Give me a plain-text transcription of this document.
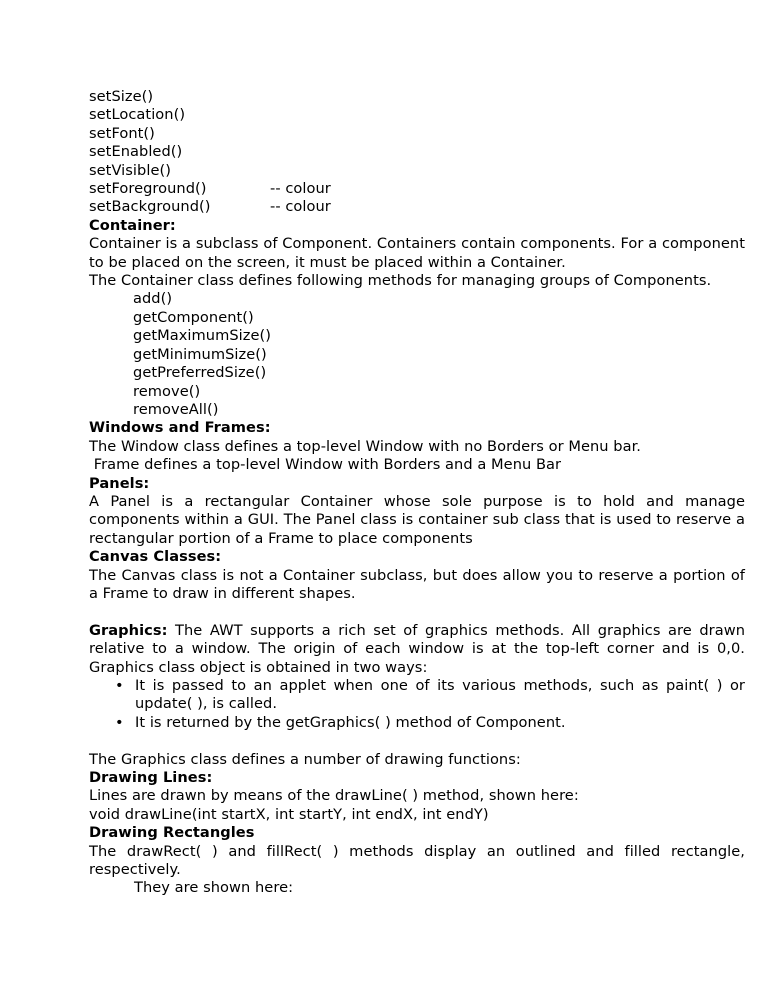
setSize()
setLocation()
setFont()
setEnabled()
setVisible()
setForeground()	-- colour
setBackground()	-- colour
Container:

Container is a subclass of Component. Containers contain components. For a component to be placed on the screen, it must be placed within a Container.

The Container class defines following methods for managing groups of Components.
add()
getComponent()
getMaximumSize()
getMinimumSize()
getPreferredSize()
remove()
removeAll()
Windows and Frames:
The Window class defines a top-level Window with no Borders or Menu bar.
Frame defines a top-level Window with Borders and a Menu Bar
Panels:

A Panel is a rectangular Container whose sole purpose is to hold and manage components within a GUI. The Panel class is container sub class that is used to reserve a rectangular portion of a Frame to place components

Canvas Classes:

The Canvas class is not a Container subclass, but does allow you to reserve a portion of a Frame to draw in different shapes.

Graphics: The AWT supports a rich set of graphics methods. All graphics are drawn relative to a window. The origin of each window is at the top-left corner and is 0,0. Graphics class object is obtained in two ways:

• It is passed to an applet when one of its various methods, such as paint( ) or update( ), is called.
• It is returned by the getGraphics( ) method of Component.
The Graphics class defines a number of drawing functions:
Drawing Lines:
Lines are drawn by means of the drawLine( ) method, shown here:
void drawLine(int startX, int startY, int endX, int endY)
Drawing Rectangles

The drawRect( ) and fillRect( ) methods display an outlined and filled rectangle, respectively.

They are shown here:
